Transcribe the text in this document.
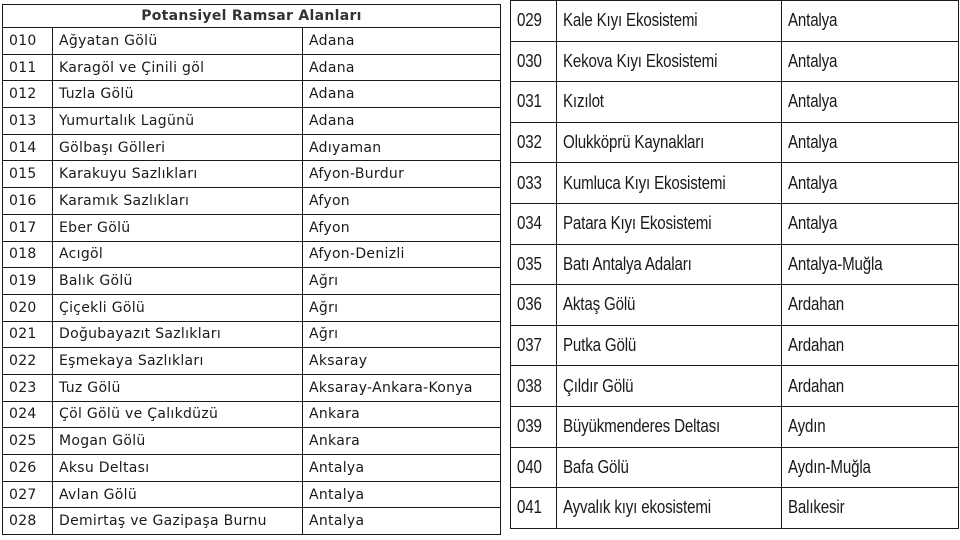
Potansiyel Ramsar Alanları		
010	Ağyatan Gölü	Adana
011	Karagöl ve Çinili göl	Adana
012	Tuzla Gölü	Adana
013	Yumurtalık Lagünü	Adana
014	Gölbaşı Gölleri	Adıyaman
015	Karakuyu Sazlıkları	Afyon-Burdur
016	Karamık Sazlıkları	Afyon
017	Eber Gölü	Afyon
018	Acıgöl	Afyon-Denizli
019	Balık Gölü	Ağrı
020	Çiçekli Gölü	Ağrı
021	Doğubayazıt Sazlıkları	Ağrı
022	Eşmekaya Sazlıkları	Aksaray
023	Tuz Gölü	Aksaray-Ankara-Konya
024	Çöl Gölü ve Çalıkdüzü	Ankara
025	Mogan Gölü	Ankara
026	Aksu Deltası	Antalya
027	Avlan Gölü	Antalya
028	Demirtaş ve Gazipaşa Burnu	Antalya
029	Kale Kıyı Ekosistemi	Antalya
030	Kekova Kıyı Ekosistemi	Antalya
031	Kızılot	Antalya
032	Olukköprü Kaynakları	Antalya
033	Kumluca Kıyı Ekosistemi	Antalya
034	Patara Kıyı Ekosistemi	Antalya
035	Batı Antalya Adaları	Antalya-Muğla
036	Aktaş Gölü	Ardahan
037	Putka Gölü	Ardahan
038	Çıldır Gölü	Ardahan
039	Büyükmenderes Deltası	Aydın
040	Bafa Gölü	Aydın-Muğla
041	Ayvalık kıyı ekosistemi	Balıkesir
